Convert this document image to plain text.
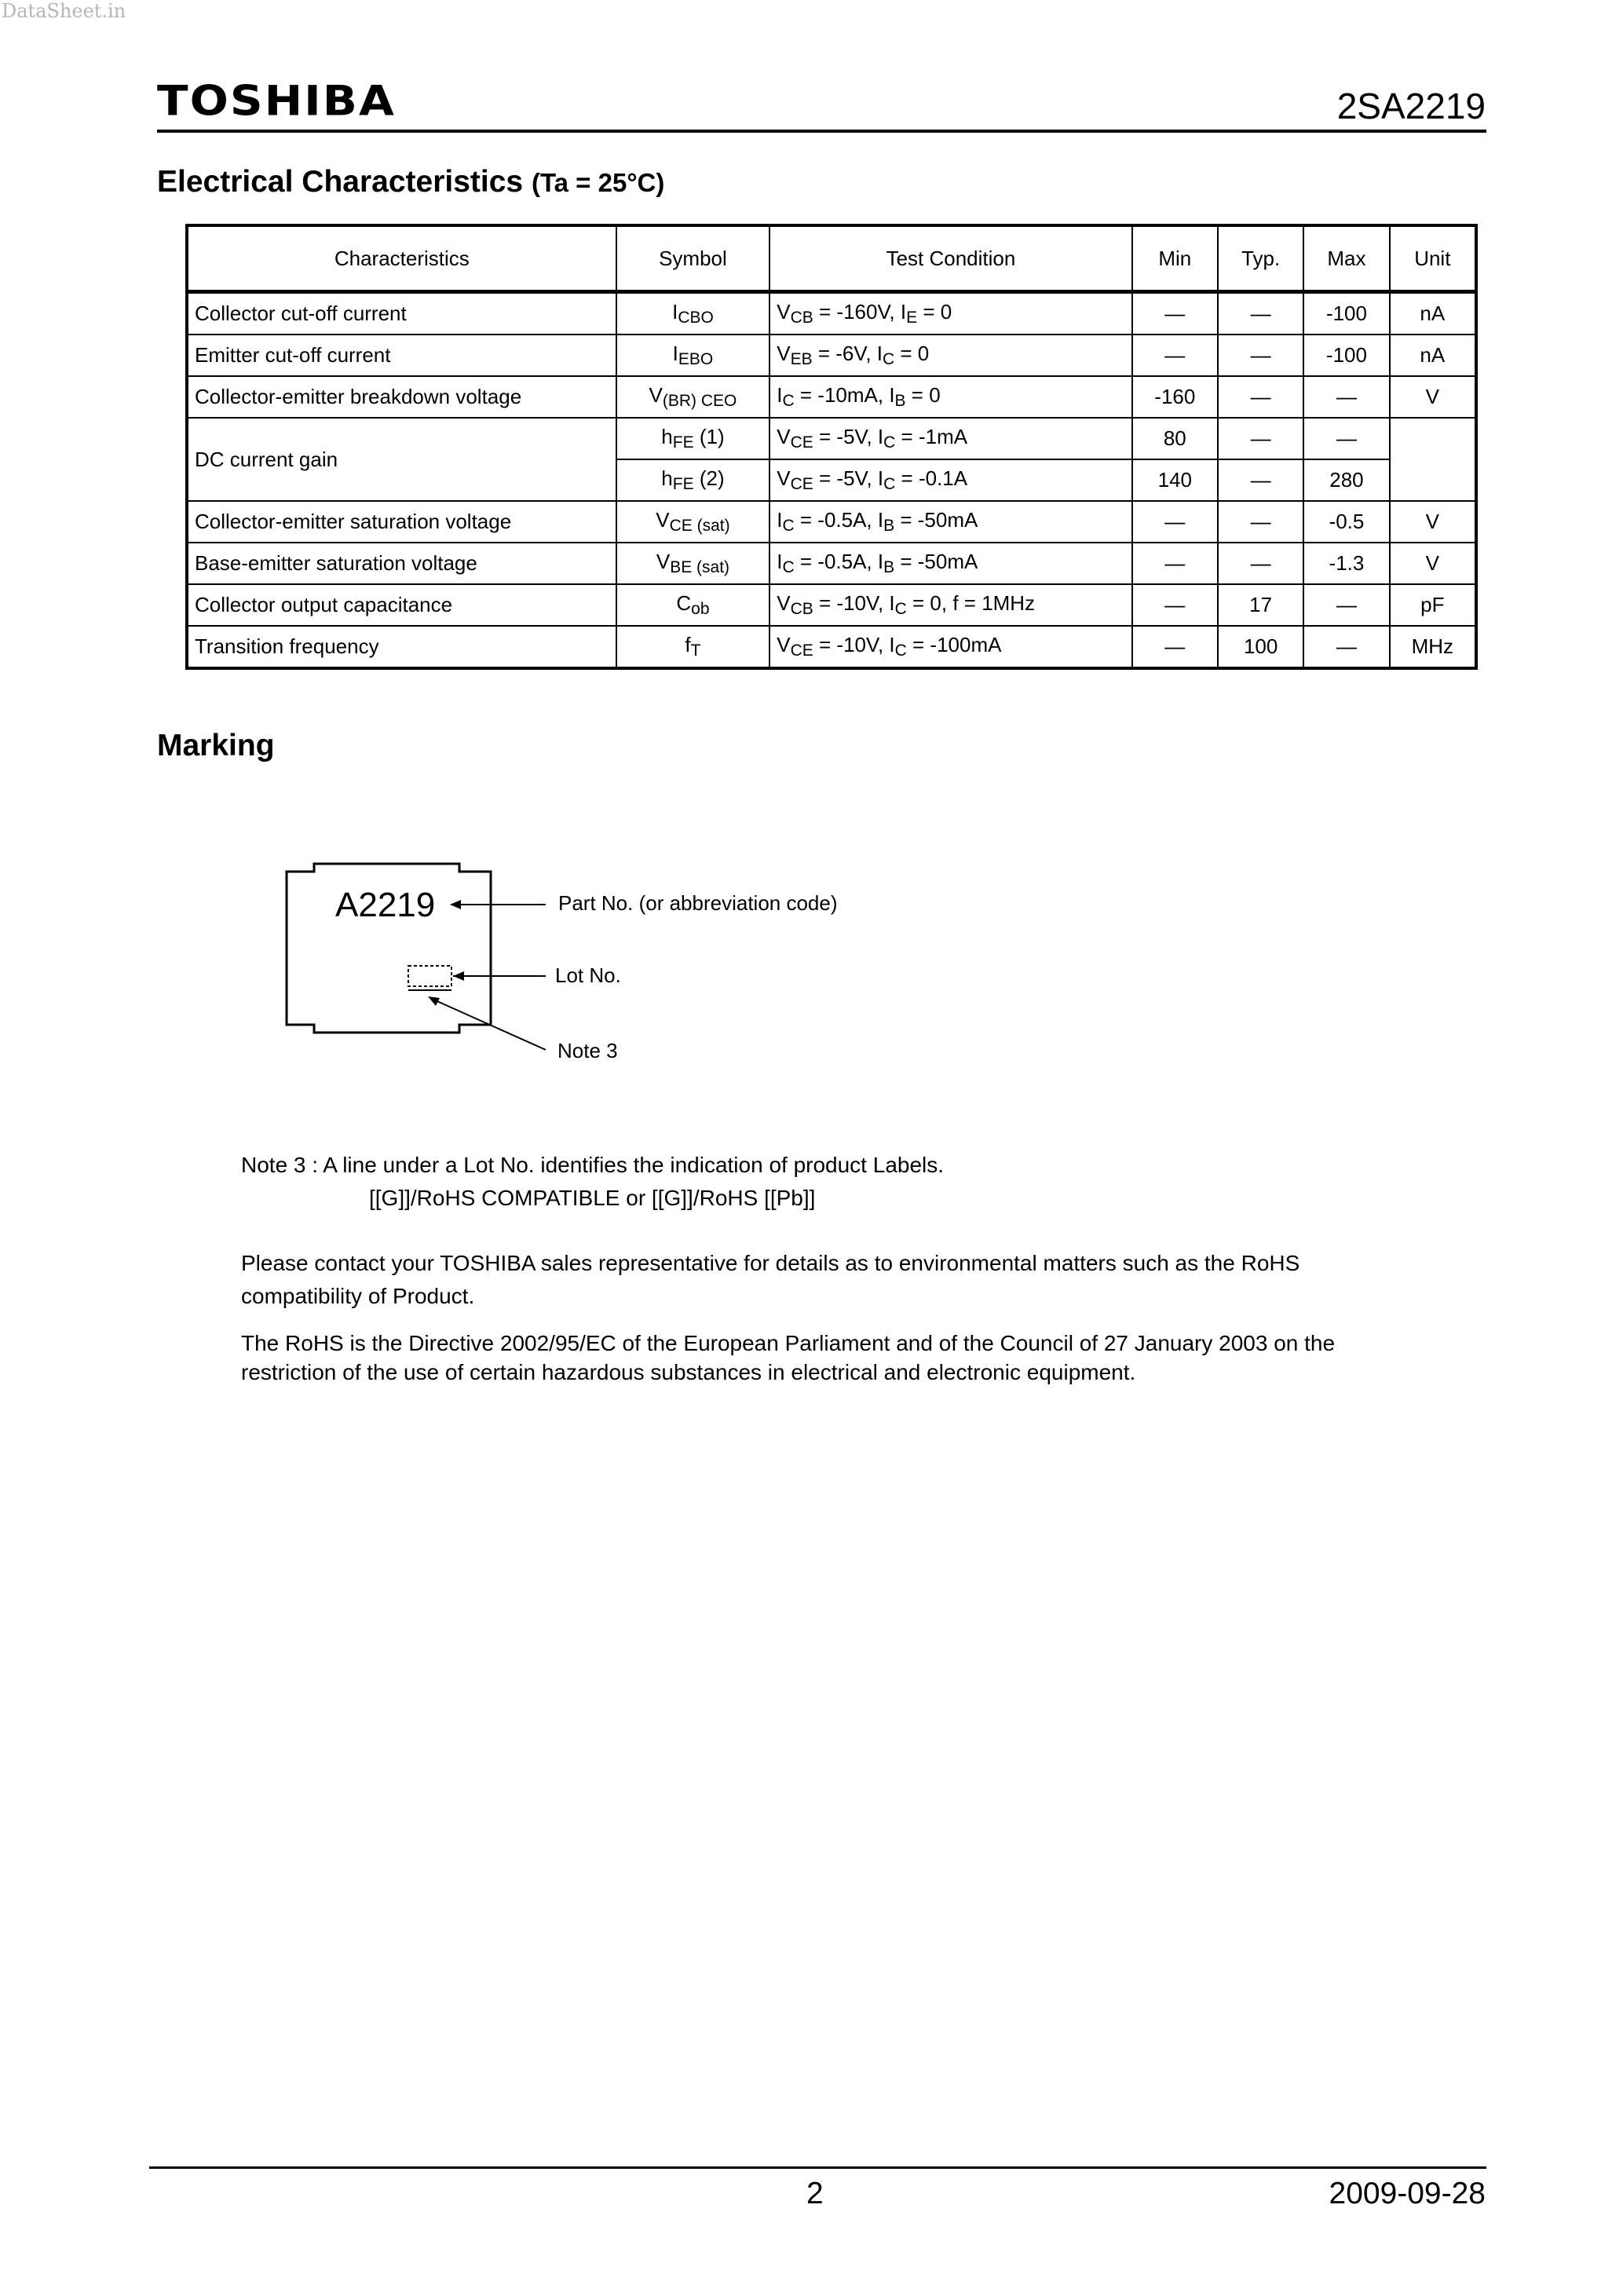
DataSheet.in
TOSHIBA	2SA2219
Electrical Characteristics (Ta = 25°C)
Characteristics	Symbol	Test Condition	Min	Typ.	Max	Unit
Collector cut-off current	$I_{CBO}$	$V_{CB} = -160V$, $I_E = 0$	—	—	-100	nA
Emitter cut-off current	$I_{EBO}$	$V_{EB} = -6V$, $I_C = 0$	—	—	-100	nA
Collector-emitter breakdown voltage	$V_{(BR) CEO}$	$I_C = -10mA$, $I_B = 0$	-160	—	—	V
DC current gain	$h_{FE}$ (1)	$V_{CE} = -5V$, $I_C = -1mA$	80	—	—	
	$h_{FE}$ (2)	$V_{CE} = -5V$, $I_C = -0.1A$	140	—	280	
Collector-emitter saturation voltage	$V_{CE (sat)}$	$I_C = -0.5A$, $I_B = -50mA$	—	—	-0.5	V
Base-emitter saturation voltage	$V_{BE (sat)}$	$I_C = -0.5A$, $I_B = -50mA$	—	—	-1.3	V
Collector output capacitance	$C_{ob}$	$V_{CB} = -10V$, $I_C = 0$, f = 1MHz	—	17	—	pF
Transition frequency	$f_T$	$V_{CE} = -10V$, $I_C = -100mA$	—	100	—	MHz
Marking
A2219	Part No. (or abbreviation code)
Lot No.
Note 3
Note 3 : A line under a Lot No. identifies the indication of product Labels.
[[G]]/RoHS COMPATIBLE or [[G]]/RoHS [[Pb]]
Please contact your TOSHIBA sales representative for details as to environmental matters such as the RoHS
compatibility of Product.
The RoHS is the Directive 2002/95/EC of the European Parliament and of the Council of 27 January 2003 on the
restriction of the use of certain hazardous substances in electrical and electronic equipment.
2	2009-09-28
